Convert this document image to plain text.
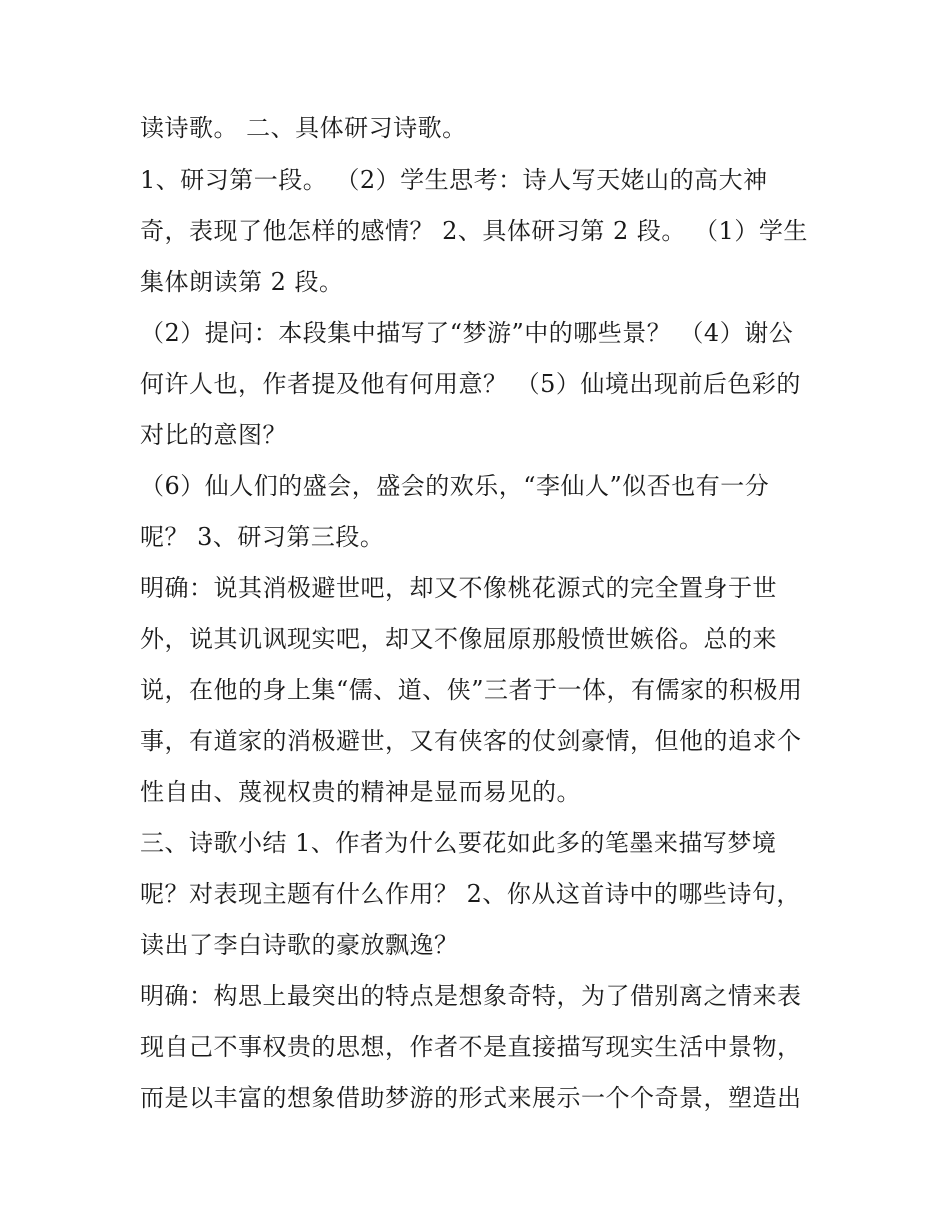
读诗歌。 二、具体研习诗歌。
1、研习第一段。 （2）学生思考：诗人写天姥山的高大神
奇，表现了他怎样的感情？ 2、具体研习第 2 段。 （1）学生
集体朗读第 2 段。
（2）提问：本段集中描写了“梦游”中的哪些景？ （4）谢公
何许人也，作者提及他有何用意？ （5）仙境出现前后色彩的
对比的意图？
（6）仙人们的盛会，盛会的欢乐，“李仙人”似否也有一分
呢？ 3、研习第三段。
明确：说其消极避世吧，却又不像桃花源式的完全置身于世
外，说其讥讽现实吧，却又不像屈原那般愤世嫉俗。总的来
说，在他的身上集“儒、道、侠”三者于一体，有儒家的积极用
事，有道家的消极避世，又有侠客的仗剑豪情，但他的追求个
性自由、蔑视权贵的精神是显而易见的。
三、诗歌小结 1、作者为什么要花如此多的笔墨来描写梦境
呢？对表现主题有什么作用？ 2、你从这首诗中的哪些诗句，
读出了李白诗歌的豪放飘逸？
明确：构思上最突出的特点是想象奇特，为了借别离之情来表
现自己不事权贵的思想，作者不是直接描写现实生活中景物，
而是以丰富的想象借助梦游的形式来展示一个个奇景，塑造出
